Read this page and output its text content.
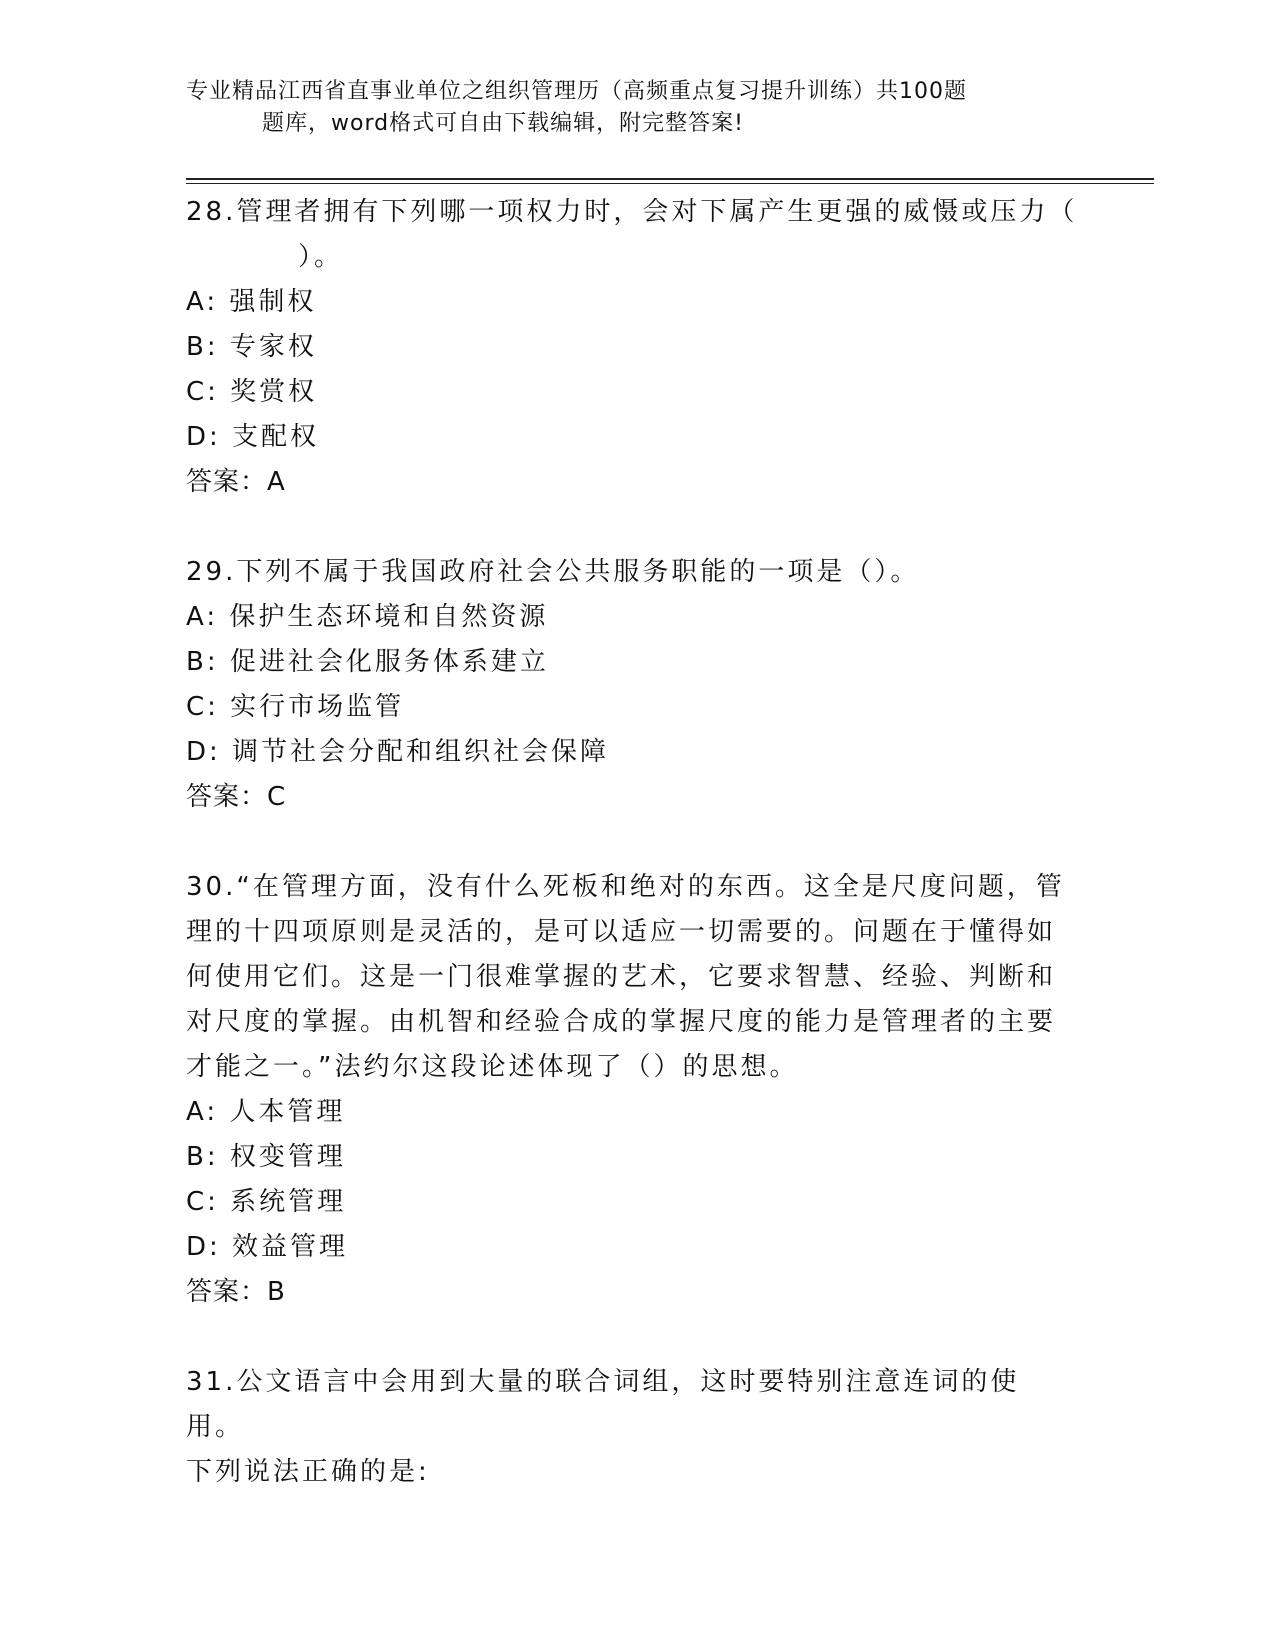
专业精品江西省直事业单位之组织管理历（高频重点复习提升训练）共100题
题库，word格式可自由下载编辑，附完整答案!
28.管理者拥有下列哪一项权力时，会对下属产生更强的威慑或压力（
）。
A: 强制权
B: 专家权
C: 奖赏权
D: 支配权
答案：A
29.下列不属于我国政府社会公共服务职能的一项是（）。
A: 保护生态环境和自然资源
B: 促进社会化服务体系建立
C: 实行市场监管
D: 调节社会分配和组织社会保障
答案：C
30.“在管理方面，没有什么死板和绝对的东西。这全是尺度问题，管
理的十四项原则是灵活的，是可以适应一切需要的。问题在于懂得如
何使用它们。这是一门很难掌握的艺术，它要求智慧、经验、判断和
对尺度的掌握。由机智和经验合成的掌握尺度的能力是管理者的主要
才能之一。”法约尔这段论述体现了（）的思想。
A: 人本管理
B: 权变管理
C: 系统管理
D: 效益管理
答案：B
31.公文语言中会用到大量的联合词组，这时要特别注意连词的使用。
下列说法正确的是:
